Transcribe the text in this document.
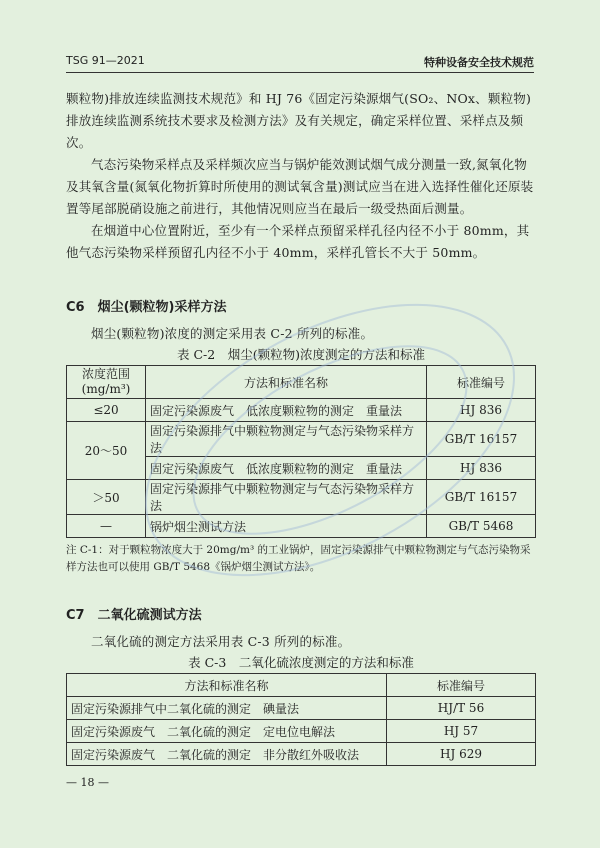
TSG 91—2021	特种设备安全技术规范

颗粒物)排放连续监测技术规范》和 HJ 76《固定污染源烟气(SO₂、NOx、颗粒物)排放连续监测系统技术要求及检测方法》及有关规定，确定采样位置、采样点及频次。

气态污染物采样点及采样频次应当与锅炉能效测试烟气成分测量一致,氮氧化物及其氧含量(氮氧化物折算时所使用的测试氧含量)测试应当在进入选择性催化还原装置等尾部脱硝设施之前进行，其他情况则应当在最后一级受热面后测量。

在烟道中心位置附近，至少有一个采样点预留采样孔径内径不小于 80mm，其他气态污染物采样预留孔内径不小于 40mm，采样孔管长不大于 50mm。

C6　烟尘(颗粒物)采样方法

烟尘(颗粒物)浓度的测定采用表 C-2 所列的标准。

表 C-2　烟尘(颗粒物)浓度测定的方法和标准
浓度范围(mg/m³)	方法和标准名称	标准编号
≤20	固定污染源废气　低浓度颗粒物的测定　重量法	HJ 836
20～50	固定污染源排气中颗粒物测定与气态污染物采样方法	GB/T 16157
	固定污染源废气　低浓度颗粒物的测定　重量法	HJ 836
＞50	固定污染源排气中颗粒物测定与气态污染物采样方法	GB/T 16157
—	锅炉烟尘测试方法	GB/T 5468
注 C-1：对于颗粒物浓度大于 20mg/m³ 的工业锅炉，固定污染源排气中颗粒物测定与气态污染物采样方法也可以使用 GB/T 5468《锅炉烟尘测试方法》。
C7　二氧化硫测试方法

二氧化硫的测定方法采用表 C-3 所列的标准。

表 C-3　二氧化硫浓度测定的方法和标准
方法和标准名称	标准编号
固定污染源排气中二氧化硫的测定　碘量法	HJ/T 56
固定污染源废气　二氧化硫的测定　定电位电解法	HJ 57
固定污染源废气　二氧化硫的测定　非分散红外吸收法	HJ 629
— 18 —
